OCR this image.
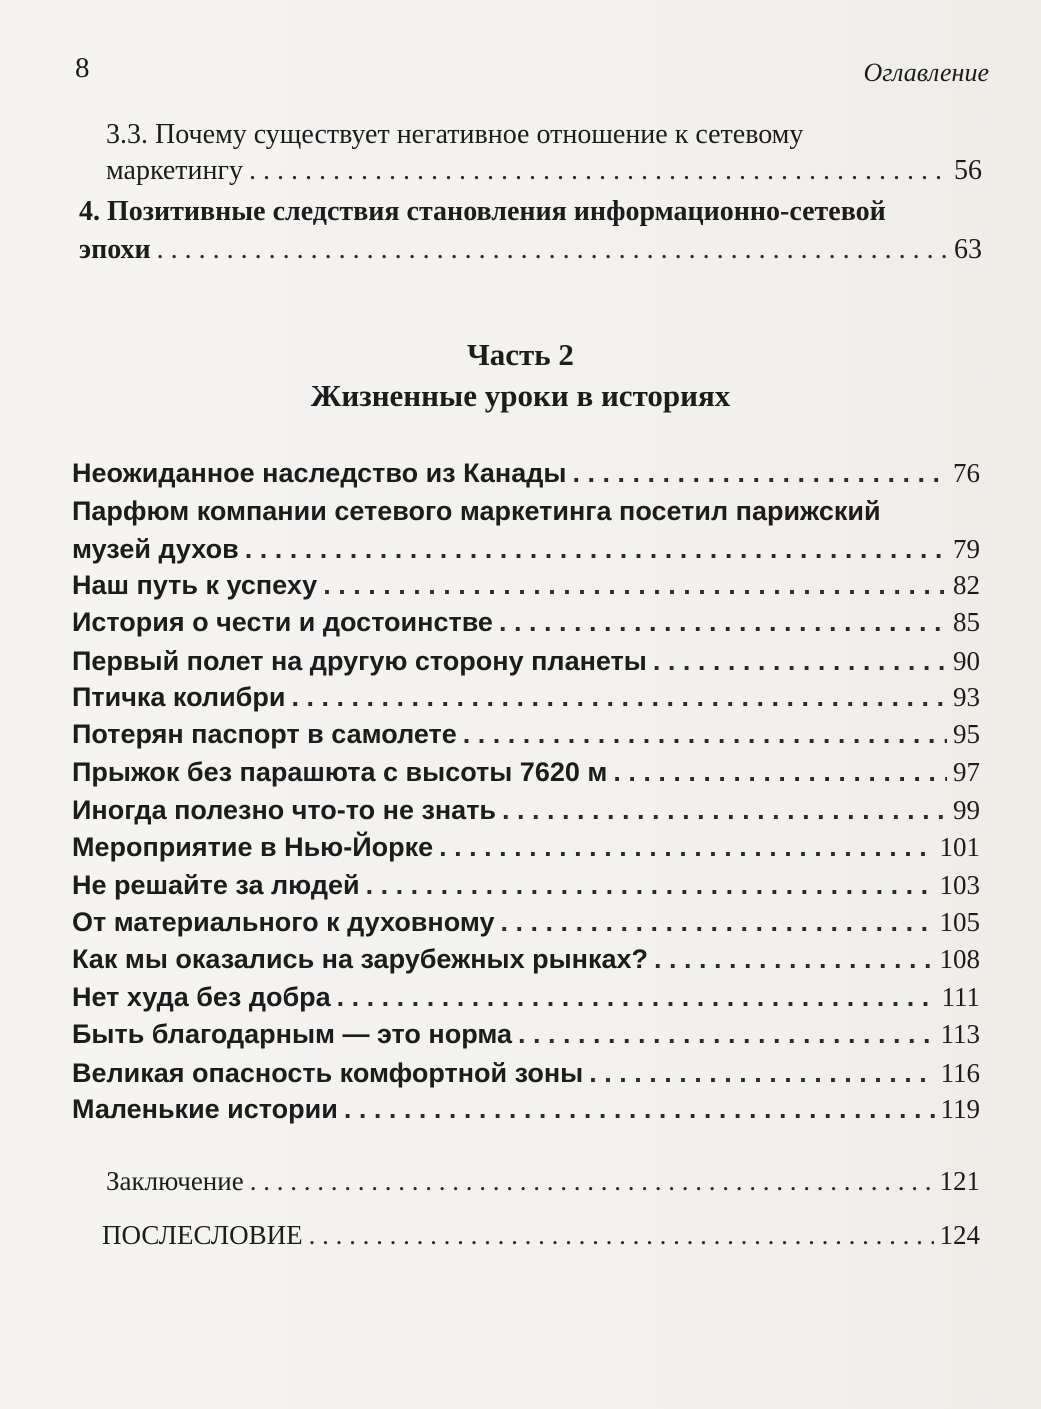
8	Оглавление
3.3. Почему существует негативное отношение к сетевому
маркетингу . . .	56
4. Позитивные следствия становления информационно-сетевой
эпохи . . .	63
Часть 2
Жизненные уроки в историях
Неожиданное наследство из Канады . . .	76
Парфюм компании сетевого маркетинга посетил парижский
музей духов . . .	79
Наш путь к успеху . . .	82
История о чести и достоинстве . . .	85
Первый полет на другую сторону планеты . . .	90
Птичка колибри . . .	93
Потерян паспорт в самолете . . .	95
Прыжок без парашюта с высоты 7620 м . . .	97
Иногда полезно что-то не знать . . .	99
Мероприятие в Нью-Йорке . . .	101
Не решайте за людей . . .	103
От материального к духовному . . .	105
Как мы оказались на зарубежных рынках? . . .	108
Нет худа без добра . . .	111
Быть благодарным — это норма . . .	113
Великая опасность комфортной зоны . . .	116
Маленькие истории . . .	119
Заключение . . .	121
ПОСЛЕСЛОВИЕ . . .	124
